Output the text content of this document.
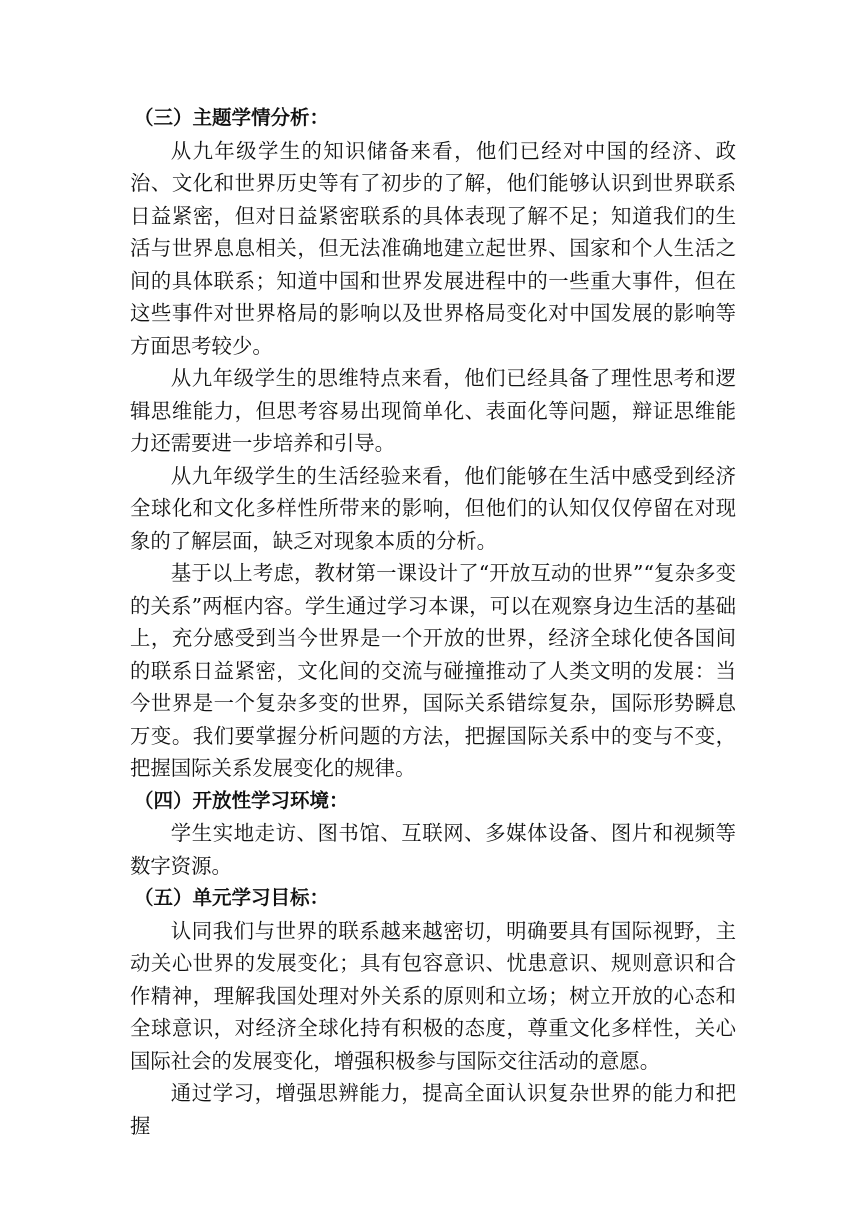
（三）主题学情分析：

从九年级学生的知识储备来看，他们已经对中国的经济、政治、文化和世界历史等有了初步的了解，他们能够认识到世界联系日益紧密，但对日益紧密联系的具体表现了解不足；知道我们的生活与世界息息相关，但无法准确地建立起世界、国家和个人生活之间的具体联系；知道中国和世界发展进程中的一些重大事件，但在这些事件对世界格局的影响以及世界格局变化对中国发展的影响等方面思考较少。

从九年级学生的思维特点来看，他们已经具备了理性思考和逻辑思维能力，但思考容易出现简单化、表面化等问题，辩证思维能力还需要进一步培养和引导。

从九年级学生的生活经验来看，他们能够在生活中感受到经济全球化和文化多样性所带来的影响，但他们的认知仅仅停留在对现象的了解层面，缺乏对现象本质的分析。

基于以上考虑，教材第一课设计了“开放互动的世界”“复杂多变的关系”两框内容。学生通过学习本课，可以在观察身边生活的基础上，充分感受到当今世界是一个开放的世界，经济全球化使各国间的联系日益紧密，文化间的交流与碰撞推动了人类文明的发展：当今世界是一个复杂多变的世界，国际关系错综复杂，国际形势瞬息万变。我们要掌握分析问题的方法，把握国际关系中的变与不变，把握国际关系发展变化的规律。

（四）开放性学习环境：

学生实地走访、图书馆、互联网、多媒体设备、图片和视频等数字资源。

（五）单元学习目标：

认同我们与世界的联系越来越密切，明确要具有国际视野，主动关心世界的发展变化；具有包容意识、忧患意识、规则意识和合作精神，理解我国处理对外关系的原则和立场；树立开放的心态和全球意识，对经济全球化持有积极的态度，尊重文化多样性，关心国际社会的发展变化，增强积极参与国际交往活动的意愿。

通过学习，增强思辨能力，提高全面认识复杂世界的能力和把握
